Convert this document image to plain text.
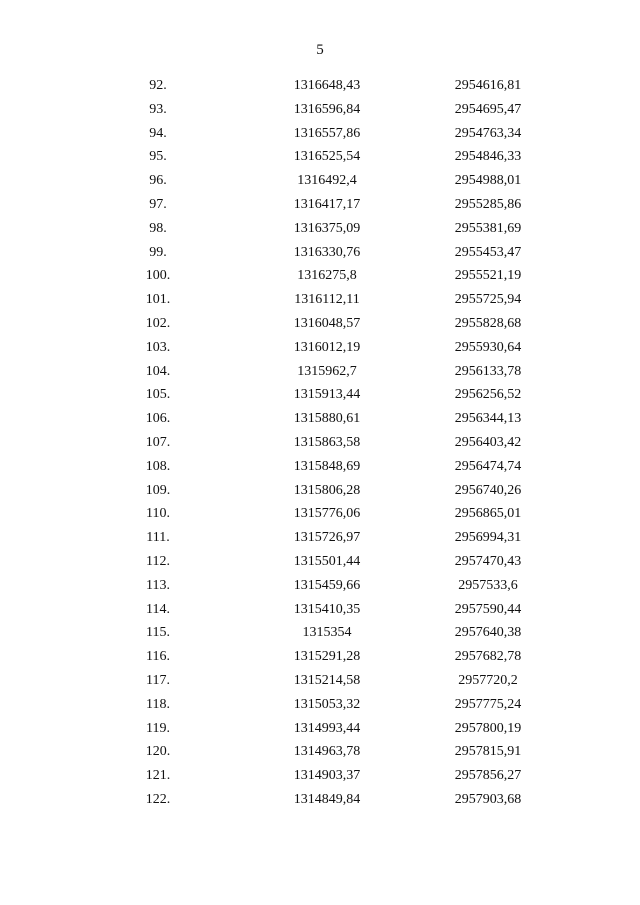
5
92.	1316648,43	2954616,81
93.	1316596,84	2954695,47
94.	1316557,86	2954763,34
95.	1316525,54	2954846,33
96.	1316492,4	2954988,01
97.	1316417,17	2955285,86
98.	1316375,09	2955381,69
99.	1316330,76	2955453,47
100.	1316275,8	2955521,19
101.	1316112,11	2955725,94
102.	1316048,57	2955828,68
103.	1316012,19	2955930,64
104.	1315962,7	2956133,78
105.	1315913,44	2956256,52
106.	1315880,61	2956344,13
107.	1315863,58	2956403,42
108.	1315848,69	2956474,74
109.	1315806,28	2956740,26
110.	1315776,06	2956865,01
111.	1315726,97	2956994,31
112.	1315501,44	2957470,43
113.	1315459,66	2957533,6
114.	1315410,35	2957590,44
115.	1315354	2957640,38
116.	1315291,28	2957682,78
117.	1315214,58	2957720,2
118.	1315053,32	2957775,24
119.	1314993,44	2957800,19
120.	1314963,78	2957815,91
121.	1314903,37	2957856,27
122.	1314849,84	2957903,68
